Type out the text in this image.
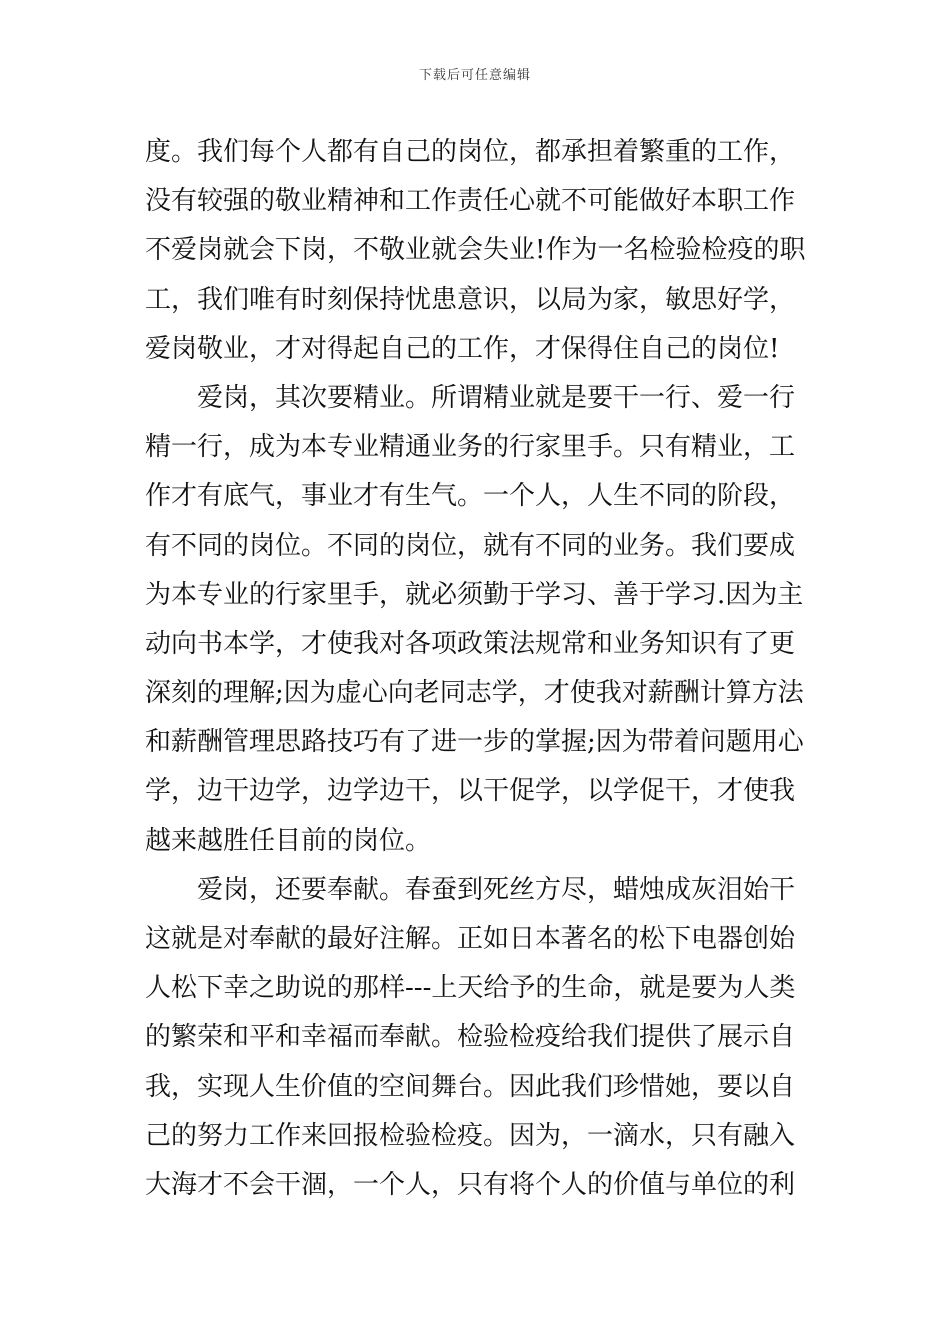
下载后可任意编辑
度。我们每个人都有自己的岗位，都承担着繁重的工作，
没有较强的敬业精神和工作责任心就不可能做好本职工作
不爱岗就会下岗，不敬业就会失业!作为一名检验检疫的职
工，我们唯有时刻保持忧患意识，以局为家，敏思好学，
爱岗敬业，才对得起自己的工作，才保得住自己的岗位!
　　爱岗，其次要精业。所谓精业就是要干一行、爱一行
精一行，成为本专业精通业务的行家里手。只有精业，工
作才有底气，事业才有生气。一个人，人生不同的阶段，
有不同的岗位。不同的岗位，就有不同的业务。我们要成
为本专业的行家里手，就必须勤于学习、善于学习.因为主
动向书本学，才使我对各项政策法规常和业务知识有了更
深刻的理解;因为虚心向老同志学，才使我对薪酬计算方法
和薪酬管理思路技巧有了进一步的掌握;因为带着问题用心
学，边干边学，边学边干，以干促学，以学促干，才使我
越来越胜任目前的岗位。
　　爱岗，还要奉献。春蚕到死丝方尽，蜡烛成灰泪始干
这就是对奉献的最好注解。正如日本著名的松下电器创始
人松下幸之助说的那样---上天给予的生命，就是要为人类
的繁荣和平和幸福而奉献。检验检疫给我们提供了展示自
我，实现人生价值的空间舞台。因此我们珍惜她，要以自
己的努力工作来回报检验检疫。因为，一滴水，只有融入
大海才不会干涸，一个人，只有将个人的价值与单位的利
